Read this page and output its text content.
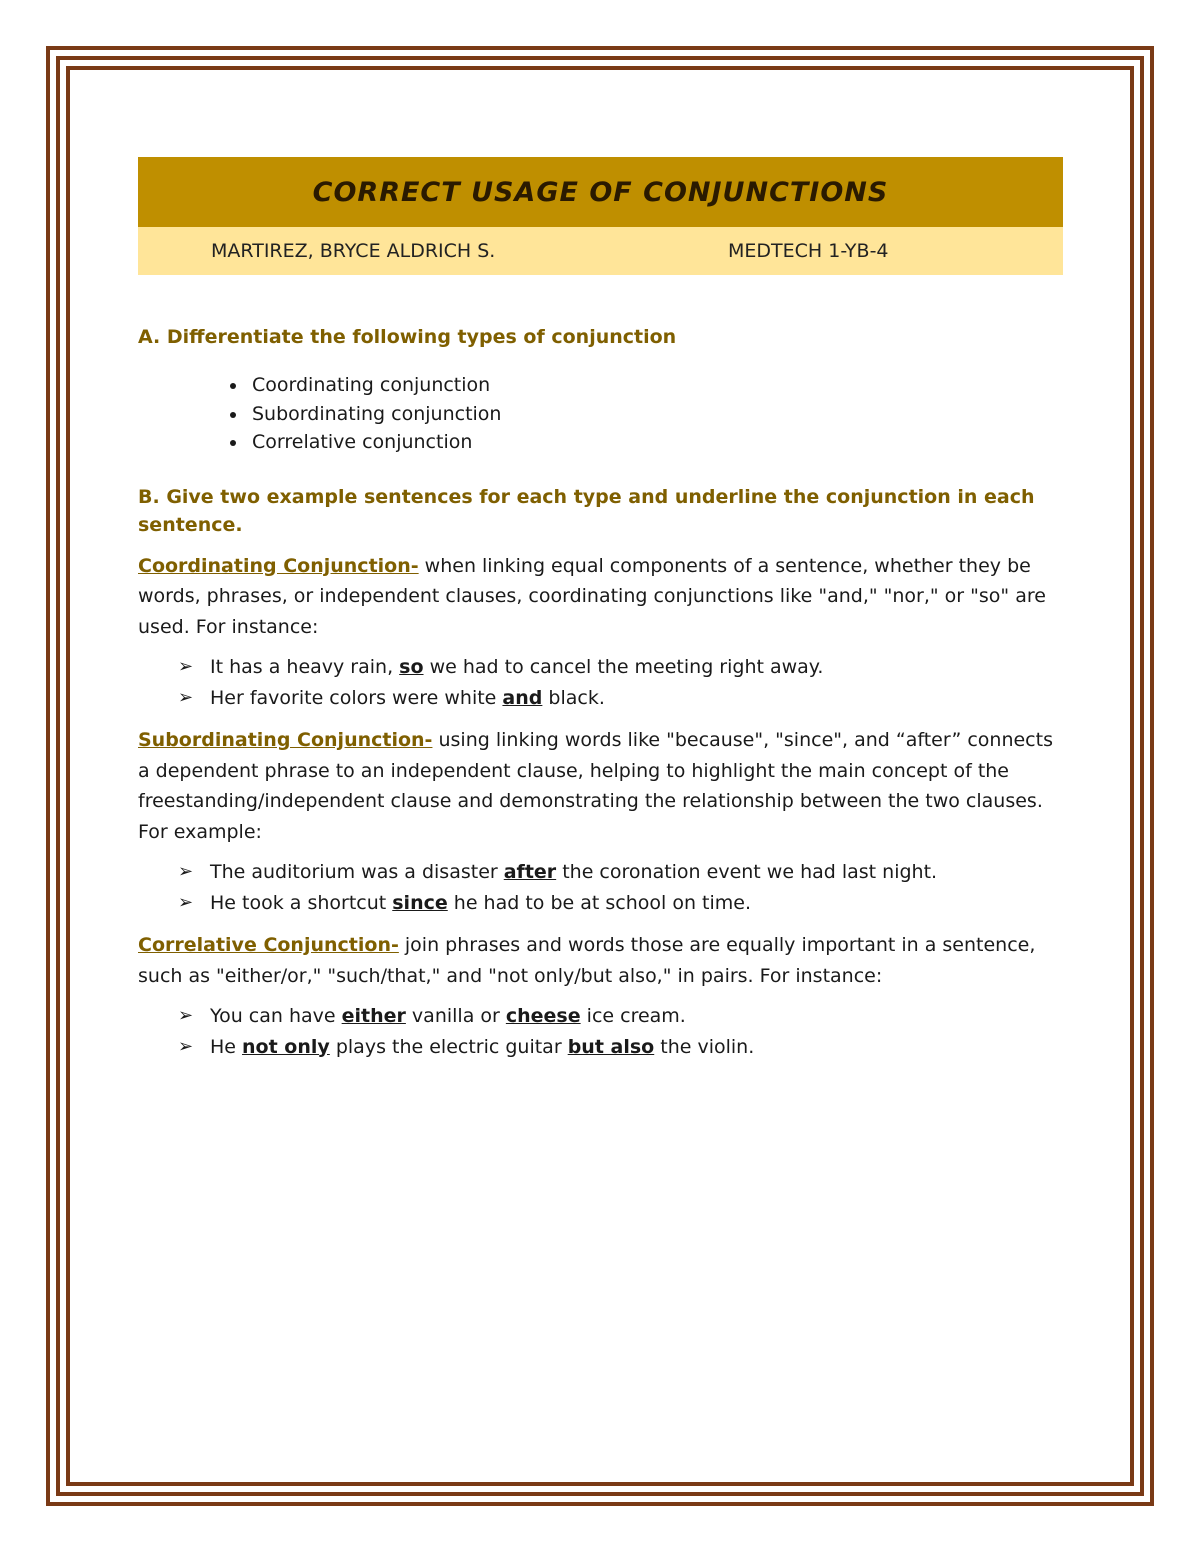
CORRECT USAGE OF CONJUNCTIONS
MARTIREZ, BRYCE ALDRICH S.	MEDTECH 1-YB-4
A. Differentiate the following types of conjunction
• Coordinating conjunction
• Subordinating conjunction
• Correlative conjunction
B. Give two example sentences for each type and underline the conjunction in each sentence.
Coordinating Conjunction- when linking equal components of a sentence, whether they be words, phrases, or independent clauses, coordinating conjunctions like "and," "nor," or "so" are used. For instance:
➢ It has a heavy rain, so we had to cancel the meeting right away.
➢ Her favorite colors were white and black.
Subordinating Conjunction- using linking words like "because", "since", and “after” connects a dependent phrase to an independent clause, helping to highlight the main concept of the freestanding/independent clause and demonstrating the relationship between the two clauses. For example:
➢ The auditorium was a disaster after the coronation event we had last night.
➢ He took a shortcut since he had to be at school on time.
Correlative Conjunction- join phrases and words those are equally important in a sentence, such as "either/or," "such/that," and "not only/but also," in pairs. For instance:
➢ You can have either vanilla or cheese ice cream.
➢ He not only plays the electric guitar but also the violin.
